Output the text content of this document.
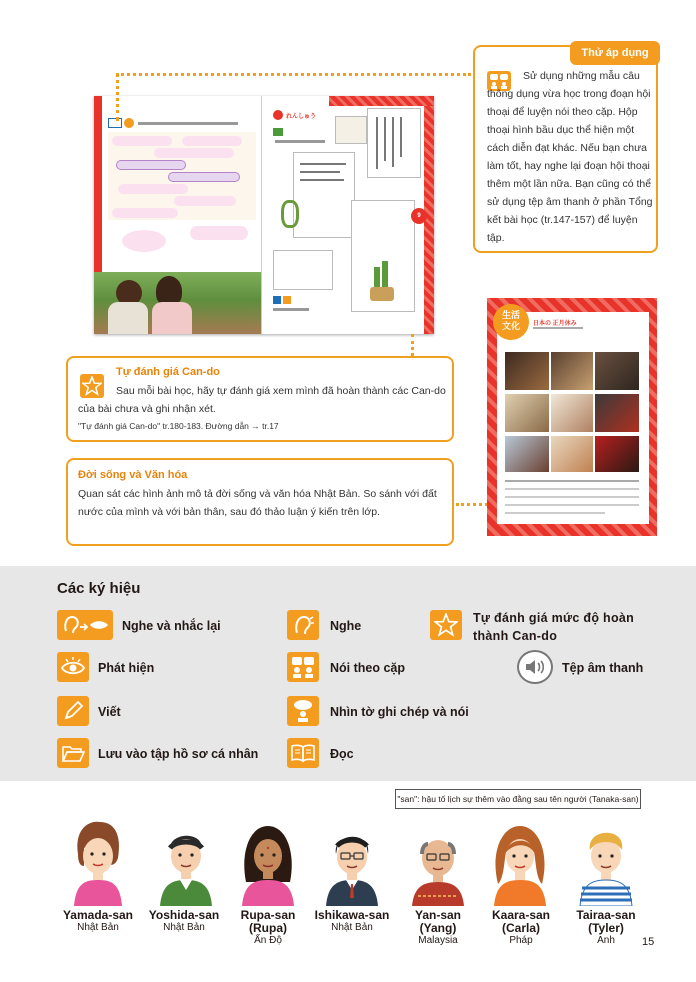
れんしゅう
9
Thử áp dụng
Sử dụng những mẫu câu thông dụng vừa học trong đoạn hội thoại để luyện nói theo cặp. Hộp thoại hình bầu dục thể hiện một cách diễn đạt khác. Nếu bạn chưa làm tốt, hay nghe lại đoạn hội thoại thêm một lần nữa. Bạn cũng có thể sử dụng tệp âm thanh ở phần Tổng kết bài học (tr.147-157) để luyện tập.
Tự đánh giá Can-do
Sau mỗi bài học, hãy tự đánh giá xem mình đã hoàn thành các Can-do của bài chưa và ghi nhận xét.
"Tự đánh giá Can-do" tr.180-183. Đường dẫn → tr.17
Đời sống và Văn hóa
Quan sát các hình ảnh mô tả đời sống và văn hóa Nhật Bản. So sánh với đất nước của mình và với bản thân, sau đó thảo luận ý kiến trên lớp.
生活
文化	日本の 正月休み
Các ký hiệu
Nghe và nhắc lại	Nghe
Tự đánh giá mức độ hoàn thành Can-do
Phát hiện	Nói theo cặp	Tệp âm thanh
Viết	Nhìn tờ ghi chép và nói
Lưu vào tập hồ sơ cá nhân	Đọc
"san": hậu tố lịch sự thêm vào đằng sau tên người (Tanaka-san)
Yamada-san
Nhật Bản
Yoshida-san
Nhật Bản
Rupa-san
(Rupa)
Ấn Độ
Ishikawa-san
Nhật Bản
Yan-san
(Yang)
Malaysia
Kaara-san
(Carla)
Pháp
Tairaa-san
(Tyler)
Anh	15
